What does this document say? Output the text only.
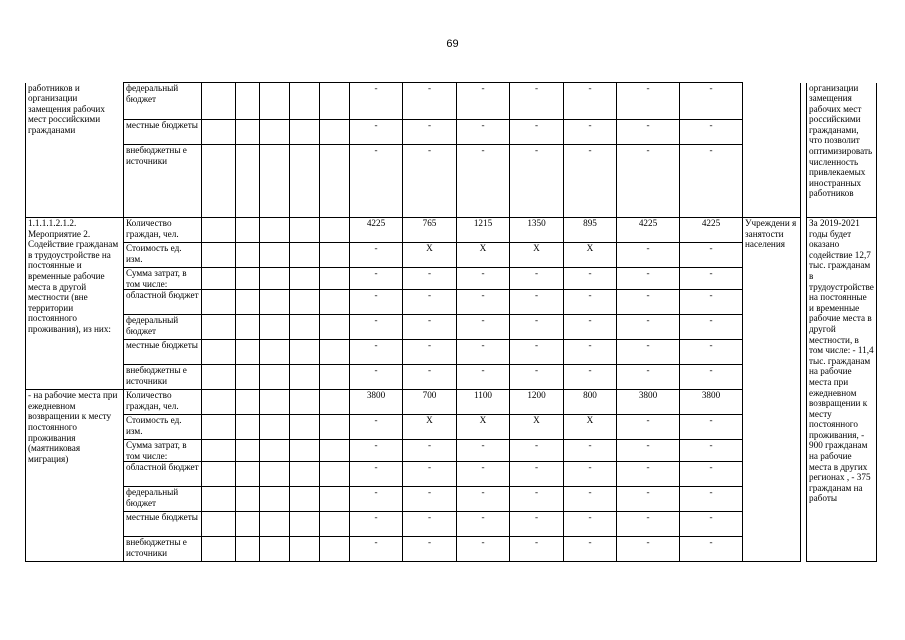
69
работников и организации замещения рабочих мест российскими гражданами	федеральный бюджет						-	-	-	-	-	-	-			организации замещения рабочих мест российскими гражданами, что позволит оптимизировать численность привлекаемых иностранных работников
	местные бюджеты						-	-	-	-	-	-	-			
	внебюджетны е источники						-	-	-	-	-	-	-			
1.1.1.1.2.1.2. Мероприятие 2. Содействие гражданам в трудоустройстве на постоянные и временные рабочие места в другой местности (вне территории постоянного проживания), из них:	Количество граждан, чел.						4225	765	1215	1350	895	4225	4225	Учреждени я занятости населения		За 2019-2021 годы будет оказано содействие 12,7 тыс. гражданам в трудоустройстве на постоянные и временные рабочие места в другой местности, в том числе: - 11,4 тыс. гражданам на рабочие места при ежедневном возвращении к месту постоянного проживания, - 900 гражданам на рабочие места в других регионах , - 375 гражданам на работы
	Стоимость ед. изм.						-	Х	Х	Х	Х	-	-			
	Сумма затрат, в том числе:						-	-	-	-	-	-	-			
	областной бюджет						-	-	-	-	-	-	-			
	федеральный бюджет						-	-	-	-	-	-	-			
	местные бюджеты						-	-	-	-	-	-	-			
	внебюджетны е источники						-	-	-	-	-	-	-			
- на рабочие места при ежедневном возвращении к месту постоянного проживания (маятниковая миграция)	Количество граждан, чел.						3800	700	1100	1200	800	3800	3800			
	Стоимость ед. изм.						-	Х	Х	Х	Х	-	-			
	Сумма затрат, в том числе:						-	-	-	-	-	-	-			
	областной бюджет						-	-	-	-	-	-	-			
	федеральный бюджет						-	-	-	-	-	-	-			
	местные бюджеты						-	-	-	-	-	-	-			
	внебюджетны е источники						-	-	-	-	-	-	-			
